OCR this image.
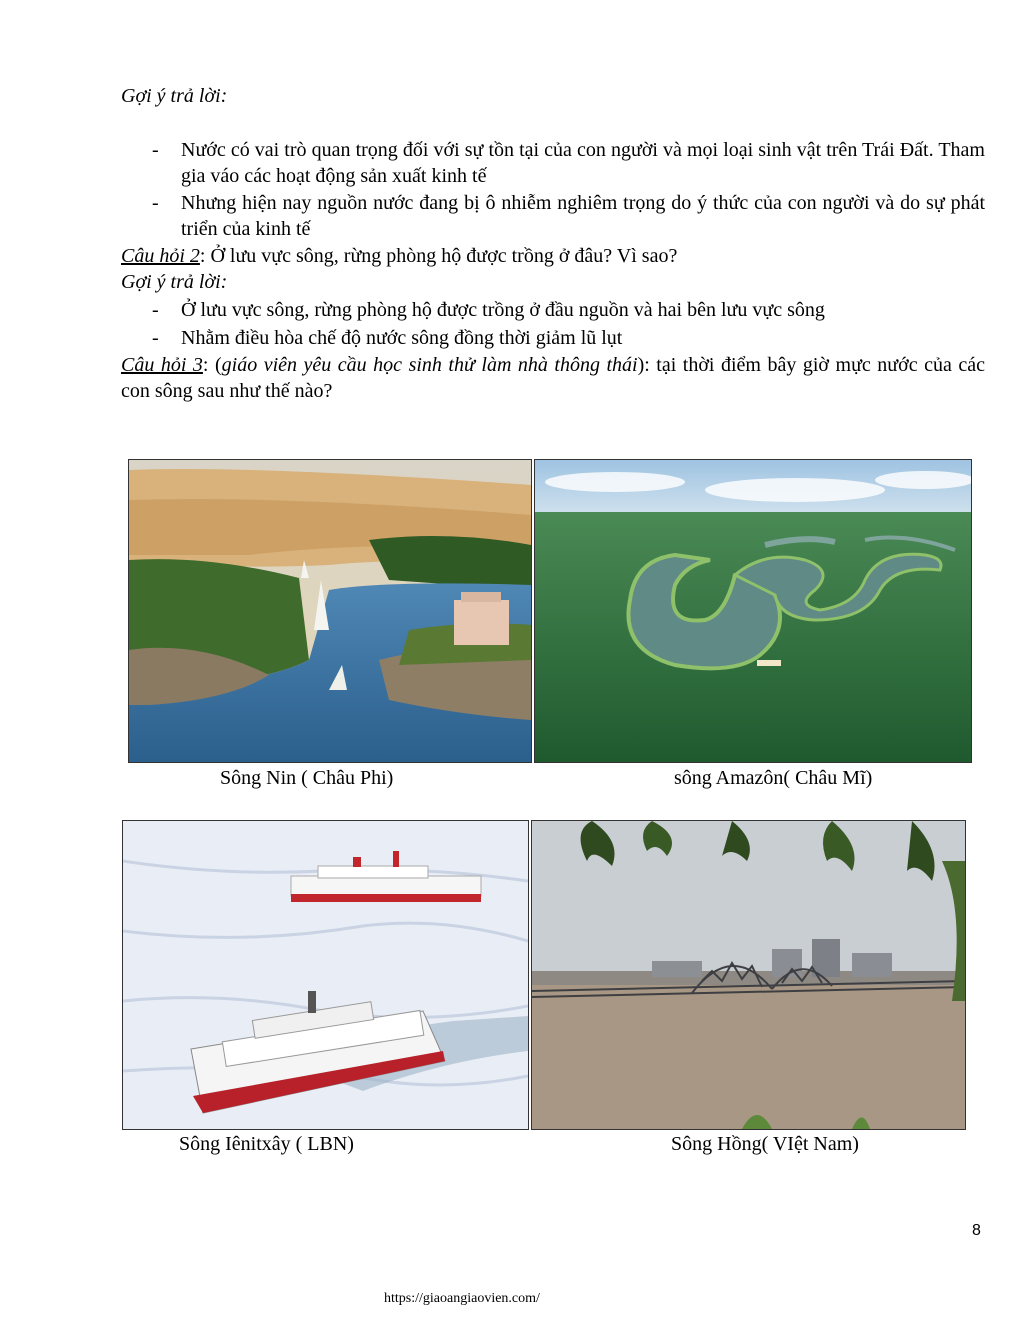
Gợi ý trả lời:
- Nước có vai trò quan trọng đối với sự tồn tại của con người và mọi loại sinh vật trên Trái Đất. Tham gia váo các hoạt động sản xuất kinh tế
- Nhưng hiện nay nguồn nước đang bị ô nhiễm nghiêm trọng do ý thức của con người và do sự phát triển của kinh tế
Câu hỏi 2: Ở lưu vực sông, rừng phòng hộ được trồng ở đâu? Vì sao?
Gợi ý trả lời:
- Ở lưu vực sông, rừng phòng hộ được trồng ở đầu nguồn và hai bên lưu vực sông
- Nhằm điều hòa chế độ nước sông đồng thời giảm lũ lụt
Câu hỏi 3: (giáo viên yêu cầu học sinh thử làm nhà thông thái): tại thời điểm bây giờ mực nước của các con sông sau như thế nào?
Sông Nin ( Châu Phi)	sông Amazôn( Châu Mĩ)
Sông Iênitxây ( LBN)	Sông Hồng( VIệt Nam)
8
https://giaoangiaovien.com/
